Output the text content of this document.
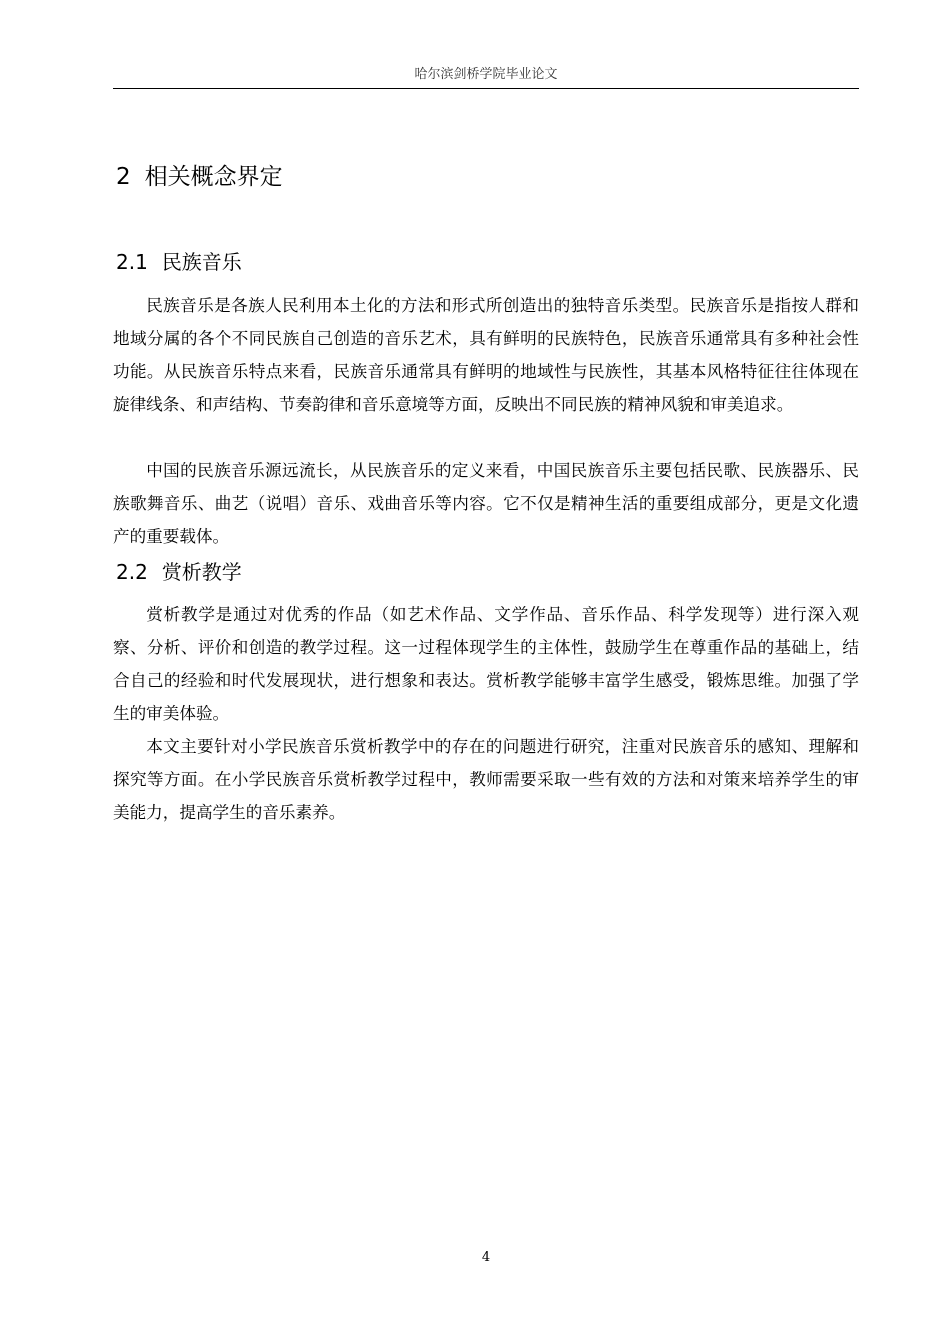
哈尔滨剑桥学院毕业论文
2 相关概念界定
2.1 民族音乐

民族音乐是各族人民利用本土化的方法和形式所创造出的独特音乐类型。民族音乐是指按人群和地域分属的各个不同民族自己创造的音乐艺术，具有鲜明的民族特色，民族音乐通常具有多种社会性功能。从民族音乐特点来看，民族音乐通常具有鲜明的地域性与民族性，其基本风格特征往往体现在旋律线条、和声结构、节奏韵律和音乐意境等方面，反映出不同民族的精神风貌和审美追求。

中国的民族音乐源远流长，从民族音乐的定义来看，中国民族音乐主要包括民歌、民族器乐、民族歌舞音乐、曲艺（说唱）音乐、戏曲音乐等内容。它不仅是精神生活的重要组成部分，更是文化遗产的重要载体。

2.2 赏析教学

赏析教学是通过对优秀的作品（如艺术作品、文学作品、音乐作品、科学发现等）进行深入观察、分析、评价和创造的教学过程。这一过程体现学生的主体性，鼓励学生在尊重作品的基础上，结合自己的经验和时代发展现状，进行想象和表达。赏析教学能够丰富学生感受，锻炼思维。加强了学生的审美体验。

本文主要针对小学民族音乐赏析教学中的存在的问题进行研究，注重对民族音乐的感知、理解和探究等方面。在小学民族音乐赏析教学过程中，教师需要采取一些有效的方法和对策来培养学生的审美能力，提高学生的音乐素养。

4
